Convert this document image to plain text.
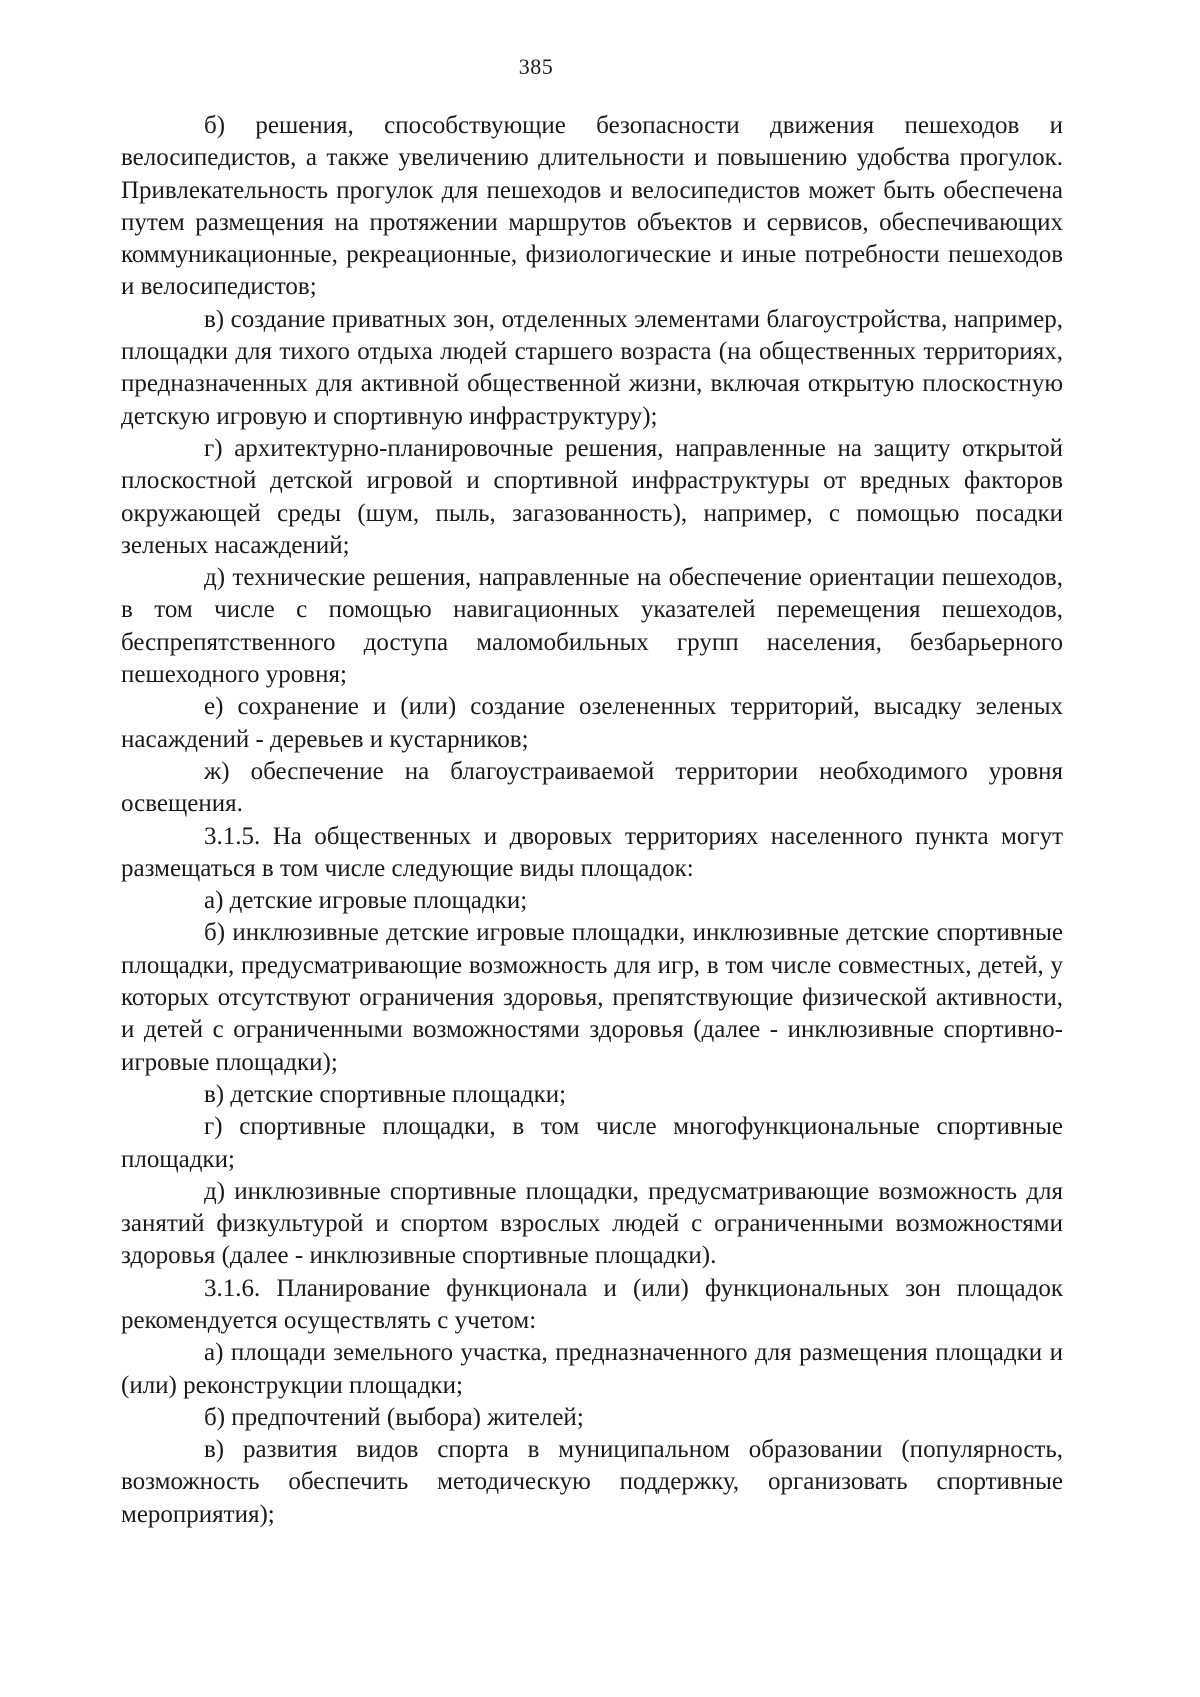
385

б) решения, способствующие безопасности движения пешеходов и велосипедистов, а также увеличению длительности и повышению удобства прогулок. Привлекательность прогулок для пешеходов и велосипедистов может быть обеспечена путем размещения на протяжении маршрутов объектов и сервисов, обеспечивающих коммуникационные, рекреационные, физиологические и иные потребности пешеходов и велосипедистов;

в) создание приватных зон, отделенных элементами благоустройства, например, площадки для тихого отдыха людей старшего возраста (на общественных территориях, предназначенных для активной общественной жизни, включая открытую плоскостную детскую игровую и спортивную инфраструктуру);

г) архитектурно-планировочные решения, направленные на защиту открытой плоскостной детской игровой и спортивной инфраструктуры от вредных факторов окружающей среды (шум, пыль, загазованность), например, с помощью посадки зеленых насаждений;

д) технические решения, направленные на обеспечение ориентации пешеходов, в том числе с помощью навигационных указателей перемещения пешеходов, беспрепятственного доступа маломобильных групп населения, безбарьерного пешеходного уровня;

е) сохранение и (или) создание озелененных территорий, высадку зеленых насаждений - деревьев и кустарников;

ж) обеспечение на благоустраиваемой территории необходимого уровня освещения.

3.1.5. На общественных и дворовых территориях населенного пункта могут размещаться в том числе следующие виды площадок:

а) детские игровые площадки;

б) инклюзивные детские игровые площадки, инклюзивные детские спортивные площадки, предусматривающие возможность для игр, в том числе совместных, детей, у которых отсутствуют ограничения здоровья, препятствующие физической активности, и детей с ограниченными возможностями здоровья (далее - инклюзивные спортивно-игровые площадки);

в) детские спортивные площадки;

г) спортивные площадки, в том числе многофункциональные спортивные площадки;

д) инклюзивные спортивные площадки, предусматривающие возможность для занятий физкультурой и спортом взрослых людей с ограниченными возможностями здоровья (далее - инклюзивные спортивные площадки).

3.1.6. Планирование функционала и (или) функциональных зон площадок рекомендуется осуществлять с учетом:

а) площади земельного участка, предназначенного для размещения площадки и (или) реконструкции площадки;

б) предпочтений (выбора) жителей;

в) развития видов спорта в муниципальном образовании (популярность, возможность обеспечить методическую поддержку, организовать спортивные мероприятия);
